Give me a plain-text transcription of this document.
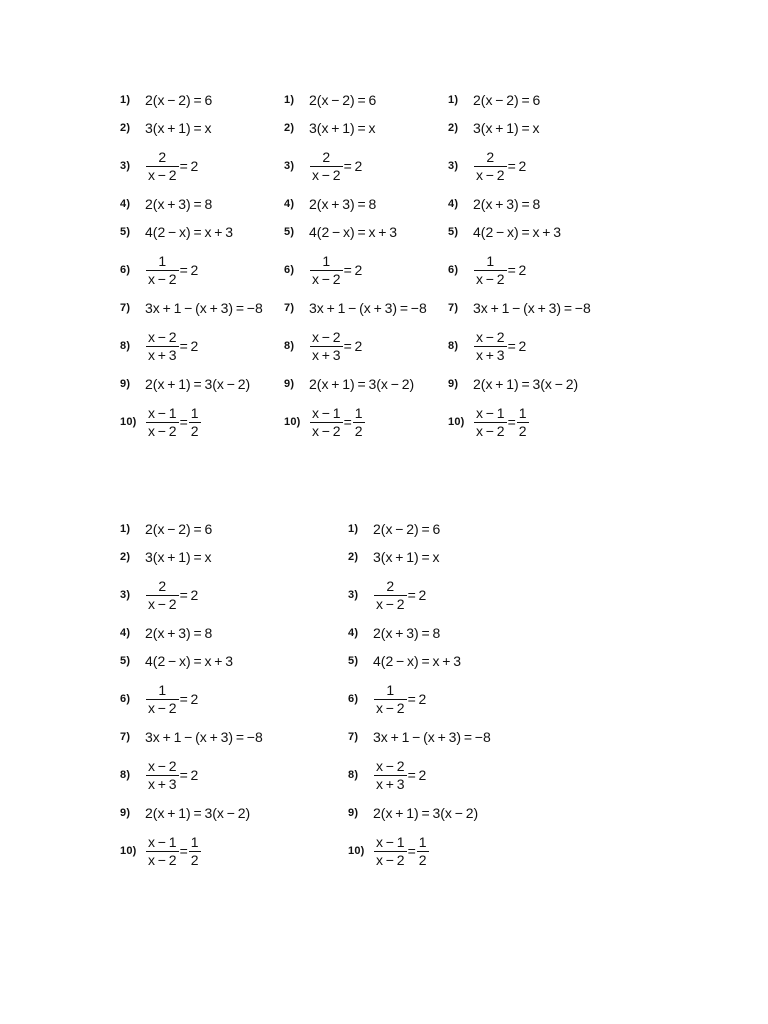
1)	2(x − 2) = 6
2)	3(x + 1) = x
3)	$\frac{2}{x - 2} = 2$
4)	2(x + 3) = 8
5)	4(2 − x) = x + 3
6)	$\frac{1}{x - 2} = 2$
7)	3x + 1 − (x + 3) = −8
8)	$\frac{x - 2}{x + 3} = 2$
9)	2(x + 1) = 3(x − 2)
$10) \frac{x - 1}{x - 2} = \frac{1}{2}$
1)	2(x − 2) = 6
2)	3(x + 1) = x
3)	$\frac{2}{x - 2} = 2$
4)	2(x + 3) = 8
5)	4(2 − x) = x + 3
6)	$\frac{1}{x - 2} = 2$
7)	3x + 1 − (x + 3) = −8
8)	$\frac{x - 2}{x + 3} = 2$
9)	2(x + 1) = 3(x − 2)
$10) \frac{x - 1}{x - 2} = \frac{1}{2}$
1)	2(x − 2) = 6
2)	3(x + 1) = x
3)	$\frac{2}{x - 2} = 2$
4)	2(x + 3) = 8
5)	4(2 − x) = x + 3
6)	$\frac{1}{x - 2} = 2$
7)	3x + 1 − (x + 3) = −8
8)	$\frac{x - 2}{x + 3} = 2$
9)	2(x + 1) = 3(x − 2)
$10) \frac{x - 1}{x - 2} = \frac{1}{2}$
1)	2(x − 2) = 6
2)	3(x + 1) = x
3)	$\frac{2}{x - 2} = 2$
4)	2(x + 3) = 8
5)	4(2 − x) = x + 3
6)	$\frac{1}{x - 2} = 2$
7)	3x + 1 − (x + 3) = −8
8)	$\frac{x - 2}{x + 3} = 2$
9)	2(x + 1) = 3(x − 2)
$10) \frac{x - 1}{x - 2} = \frac{1}{2}$
1)	2(x − 2) = 6
2)	3(x + 1) = x
3)	$\frac{2}{x - 2} = 2$
4)	2(x + 3) = 8
5)	4(2 − x) = x + 3
6)	$\frac{1}{x - 2} = 2$
7)	3x + 1 − (x + 3) = −8
8)	$\frac{x - 2}{x + 3} = 2$
9)	2(x + 1) = 3(x − 2)
$10) \frac{x - 1}{x - 2} = \frac{1}{2}$
